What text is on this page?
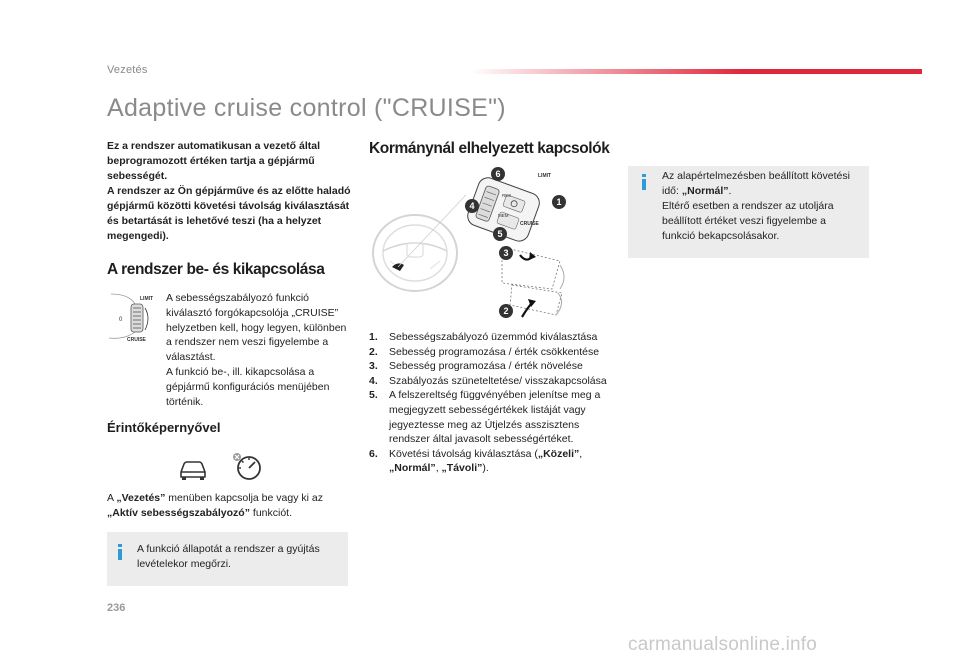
Vezetés
Adaptive cruise control ("CRUISE")

Ez a rendszer automatikusan a vezető által beprogramozott értéken tartja a gépjármű sebességét.

A rendszer az Ön gépjárműve és az előtte haladó gépjármű közötti követési távolság kiválasztását és betartását is lehetővé teszi (ha a helyzet megengedi).

A rendszer be- és kikapcsolása
LIMIT
0
CRUISE

A sebességszabályozó funkció kiválasztó forgókapcsolója „CRUISE” helyzetben kell, hogy legyen, különben a rendszer nem veszi figyelembe a választást.

A funkció be-, ill. kikapcsolása a gépjármű konfigurációs menüjében történik.

Érintőképernyővel

A „Vezetés” menüben kapcsolja be vagy ki az „Aktív sebességszabályozó” funkciót.

A funkció állapotát a rendszer a gyújtás levételekor megőrzi.

Kormánynál elhelyezett kapcsolók
LIMIT
CRUISE
MEM
RES
6
4
5
3
2
1
1.	Sebességszabályozó üzemmód kiválasztása
2.	Sebesség programozása / érték csökkentése
3.	Sebesség programozása / érték növelése
4.	Szabályozás szüneteltetése/ visszakapcsolása
5.	A felszereltség függvényében jelenítse meg a megjegyzett sebességértékek listáját vagy jegyeztesse meg az Útjelzés asszisztens rendszer által javasolt sebességértéket.
6.	Követési távolság kiválasztása („Közeli”, „Normál”, „Távoli”).

Az alapértelmezésben beállított követési idő: „Normál”.

Eltérő esetben a rendszer az utoljára beállított értéket veszi figyelembe a funkció bekapcsolásakor.

236
carmanualsonline.info
